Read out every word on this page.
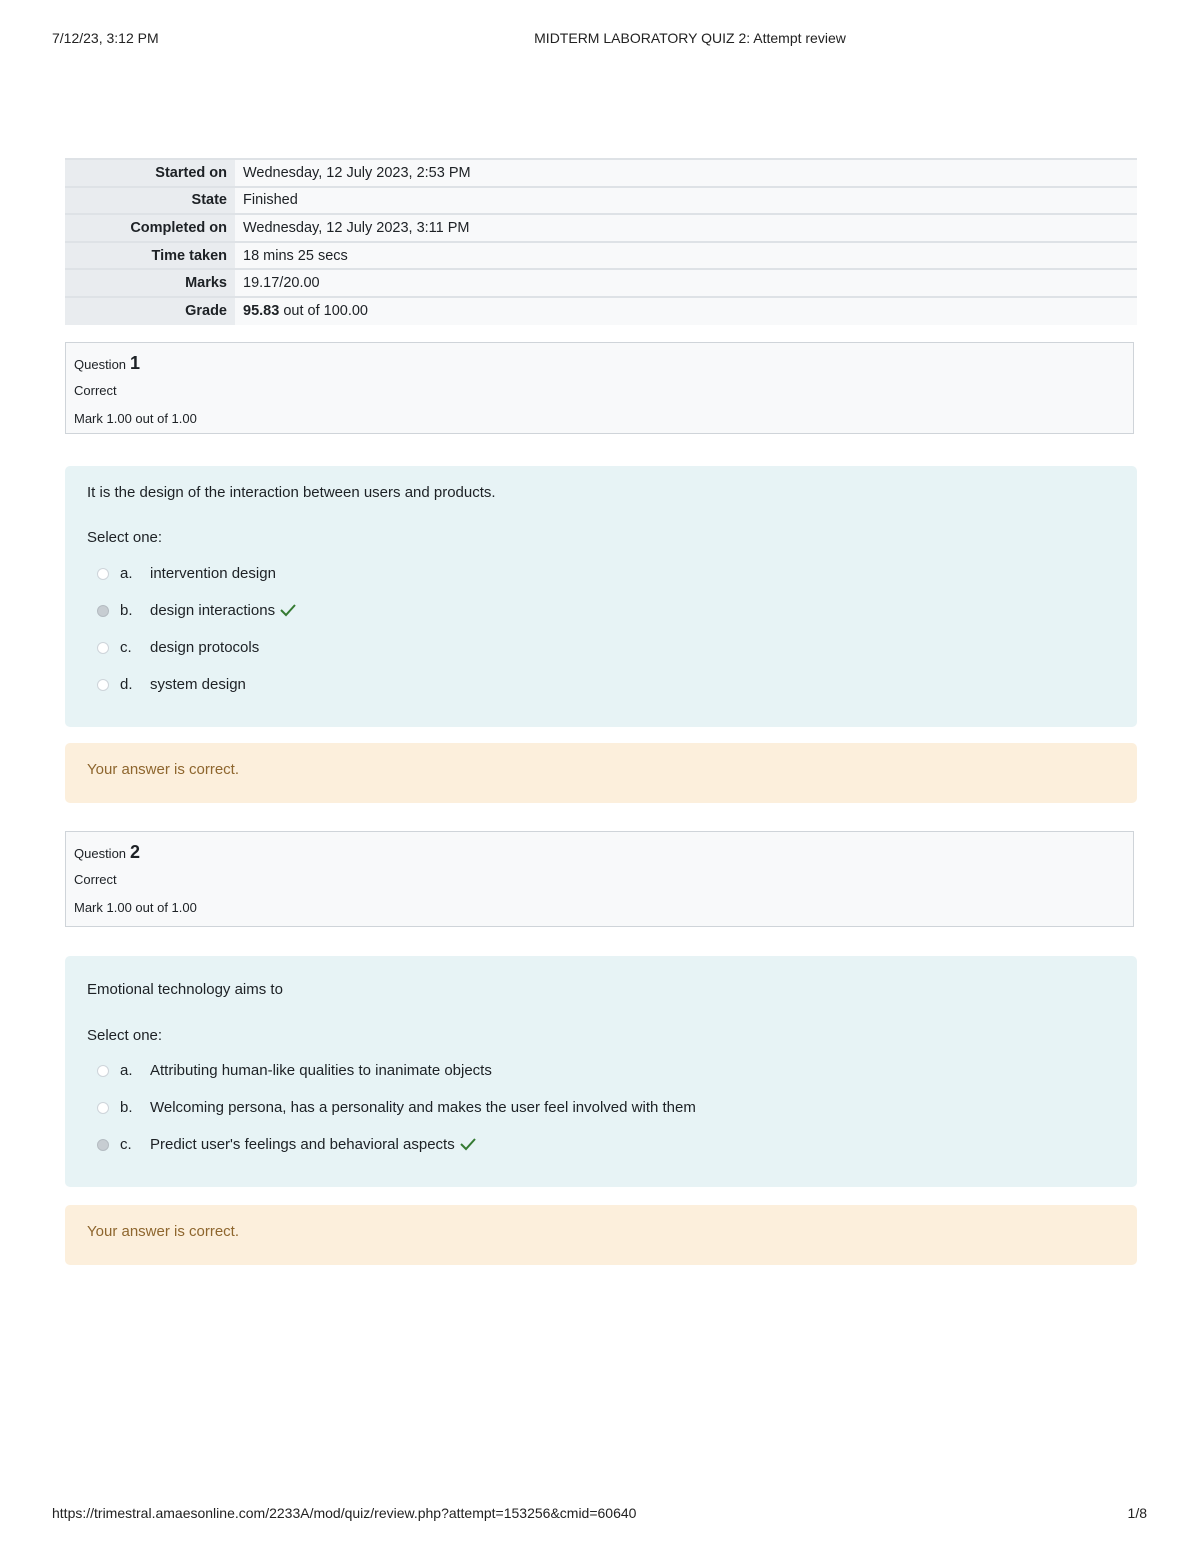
7/12/23, 3:12 PM	MIDTERM LABORATORY QUIZ 2: Attempt review
Started on	Wednesday, 12 July 2023, 2:53 PM
State	Finished
Completed on	Wednesday, 12 July 2023, 3:11 PM
Time taken	18 mins 25 secs
Marks	19.17/20.00
Grade	95.83 out of 100.00
Question 1
Correct
Mark 1.00 out of 1.00
It is the design of the interaction between users and products.
Select one:
a.	intervention design
b.	design interactions
c.	design protocols
d.	system design
Your answer is correct.
Question 2
Correct
Mark 1.00 out of 1.00
Emotional technology aims to
Select one:
a.	Attributing human-like qualities to inanimate objects
b.	Welcoming persona, has a personality and makes the user feel involved with them
c.	Predict user's feelings and behavioral aspects
Your answer is correct.
https://trimestral.amaesonline.com/2233A/mod/quiz/review.php?attempt=153256&cmid=60640	1/8
